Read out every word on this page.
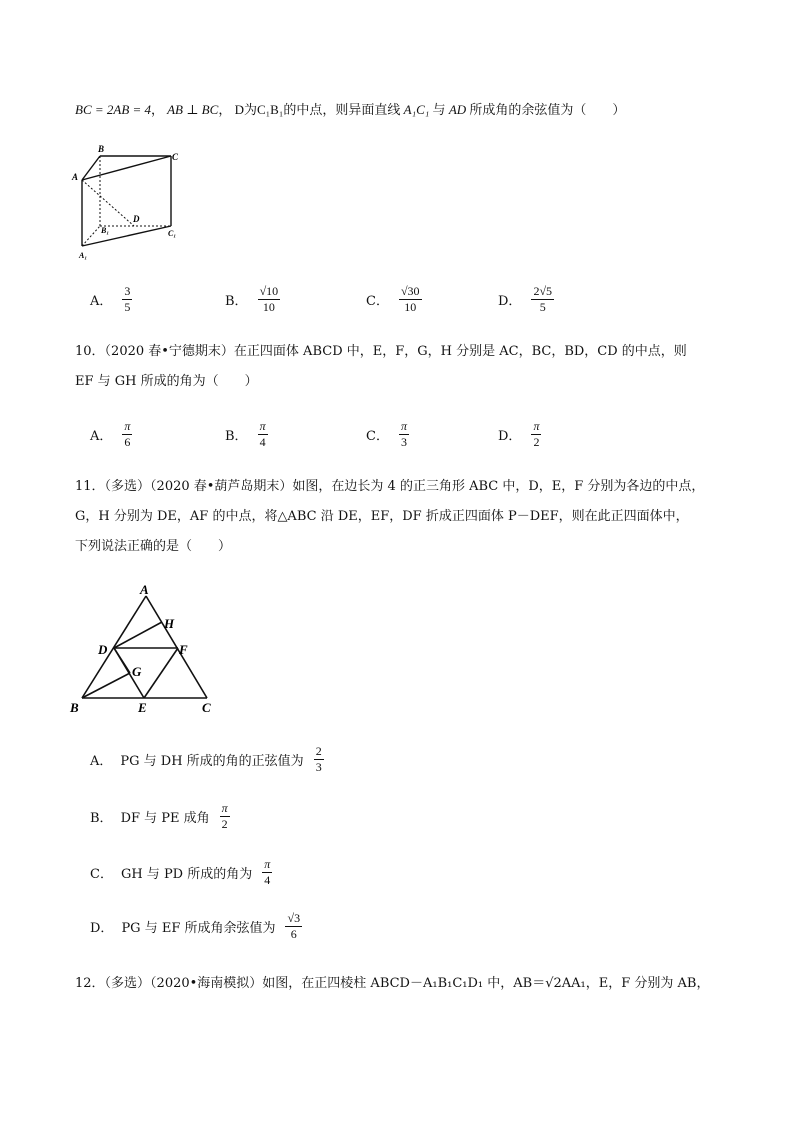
BC = 2AB = 4， AB ⊥ BC， D为C₁B₁的中点，则异面直线 A₁C₁ 与 AD 所成角的余弦值为（　　）
B
C
A
D
B₁	C₁
A₁
A． $\frac{3}{5}$	B． $\frac{√10}{10}$	C． $\frac{√30}{10}$	D． $\frac{2√5}{5}$
10．（2020 春•宁德期末）在正四面体 ABCD 中，E，F，G，H 分别是 AC，BC，BD，CD 的中点，则
EF 与 GH 所成的角为（　　）
A． $\frac{\pi}{6}$	B． $\frac{\pi}{4}$	C． $\frac{\pi}{3}$	D． $\frac{\pi}{2}$
11．（多选）（2020 春•葫芦岛期末）如图，在边长为 4 的正三角形 ABC 中，D，E，F 分别为各边的中点，
G，H 分别为 DE，AF 的中点，将△ABC 沿 DE，EF，DF 折成正四面体 P－DEF，则在此正四面体中，
下列说法正确的是（　　）
A
H
D	F
G
B	E	C
A． PG 与 DH 所成的角的正弦值为 $\frac{2}{3}$
B． DF 与 PE 成角 $\frac{\pi}{2}$
C． GH 与 PD 所成的角为 $\frac{\pi}{4}$
D． PG 与 EF 所成角余弦值为 $\frac{√3}{6}$
12．（多选）（2020•海南模拟）如图，在正四棱柱 ABCD－A₁B₁C₁D₁ 中，AB＝√2AA₁，E，F 分别为 AB，
